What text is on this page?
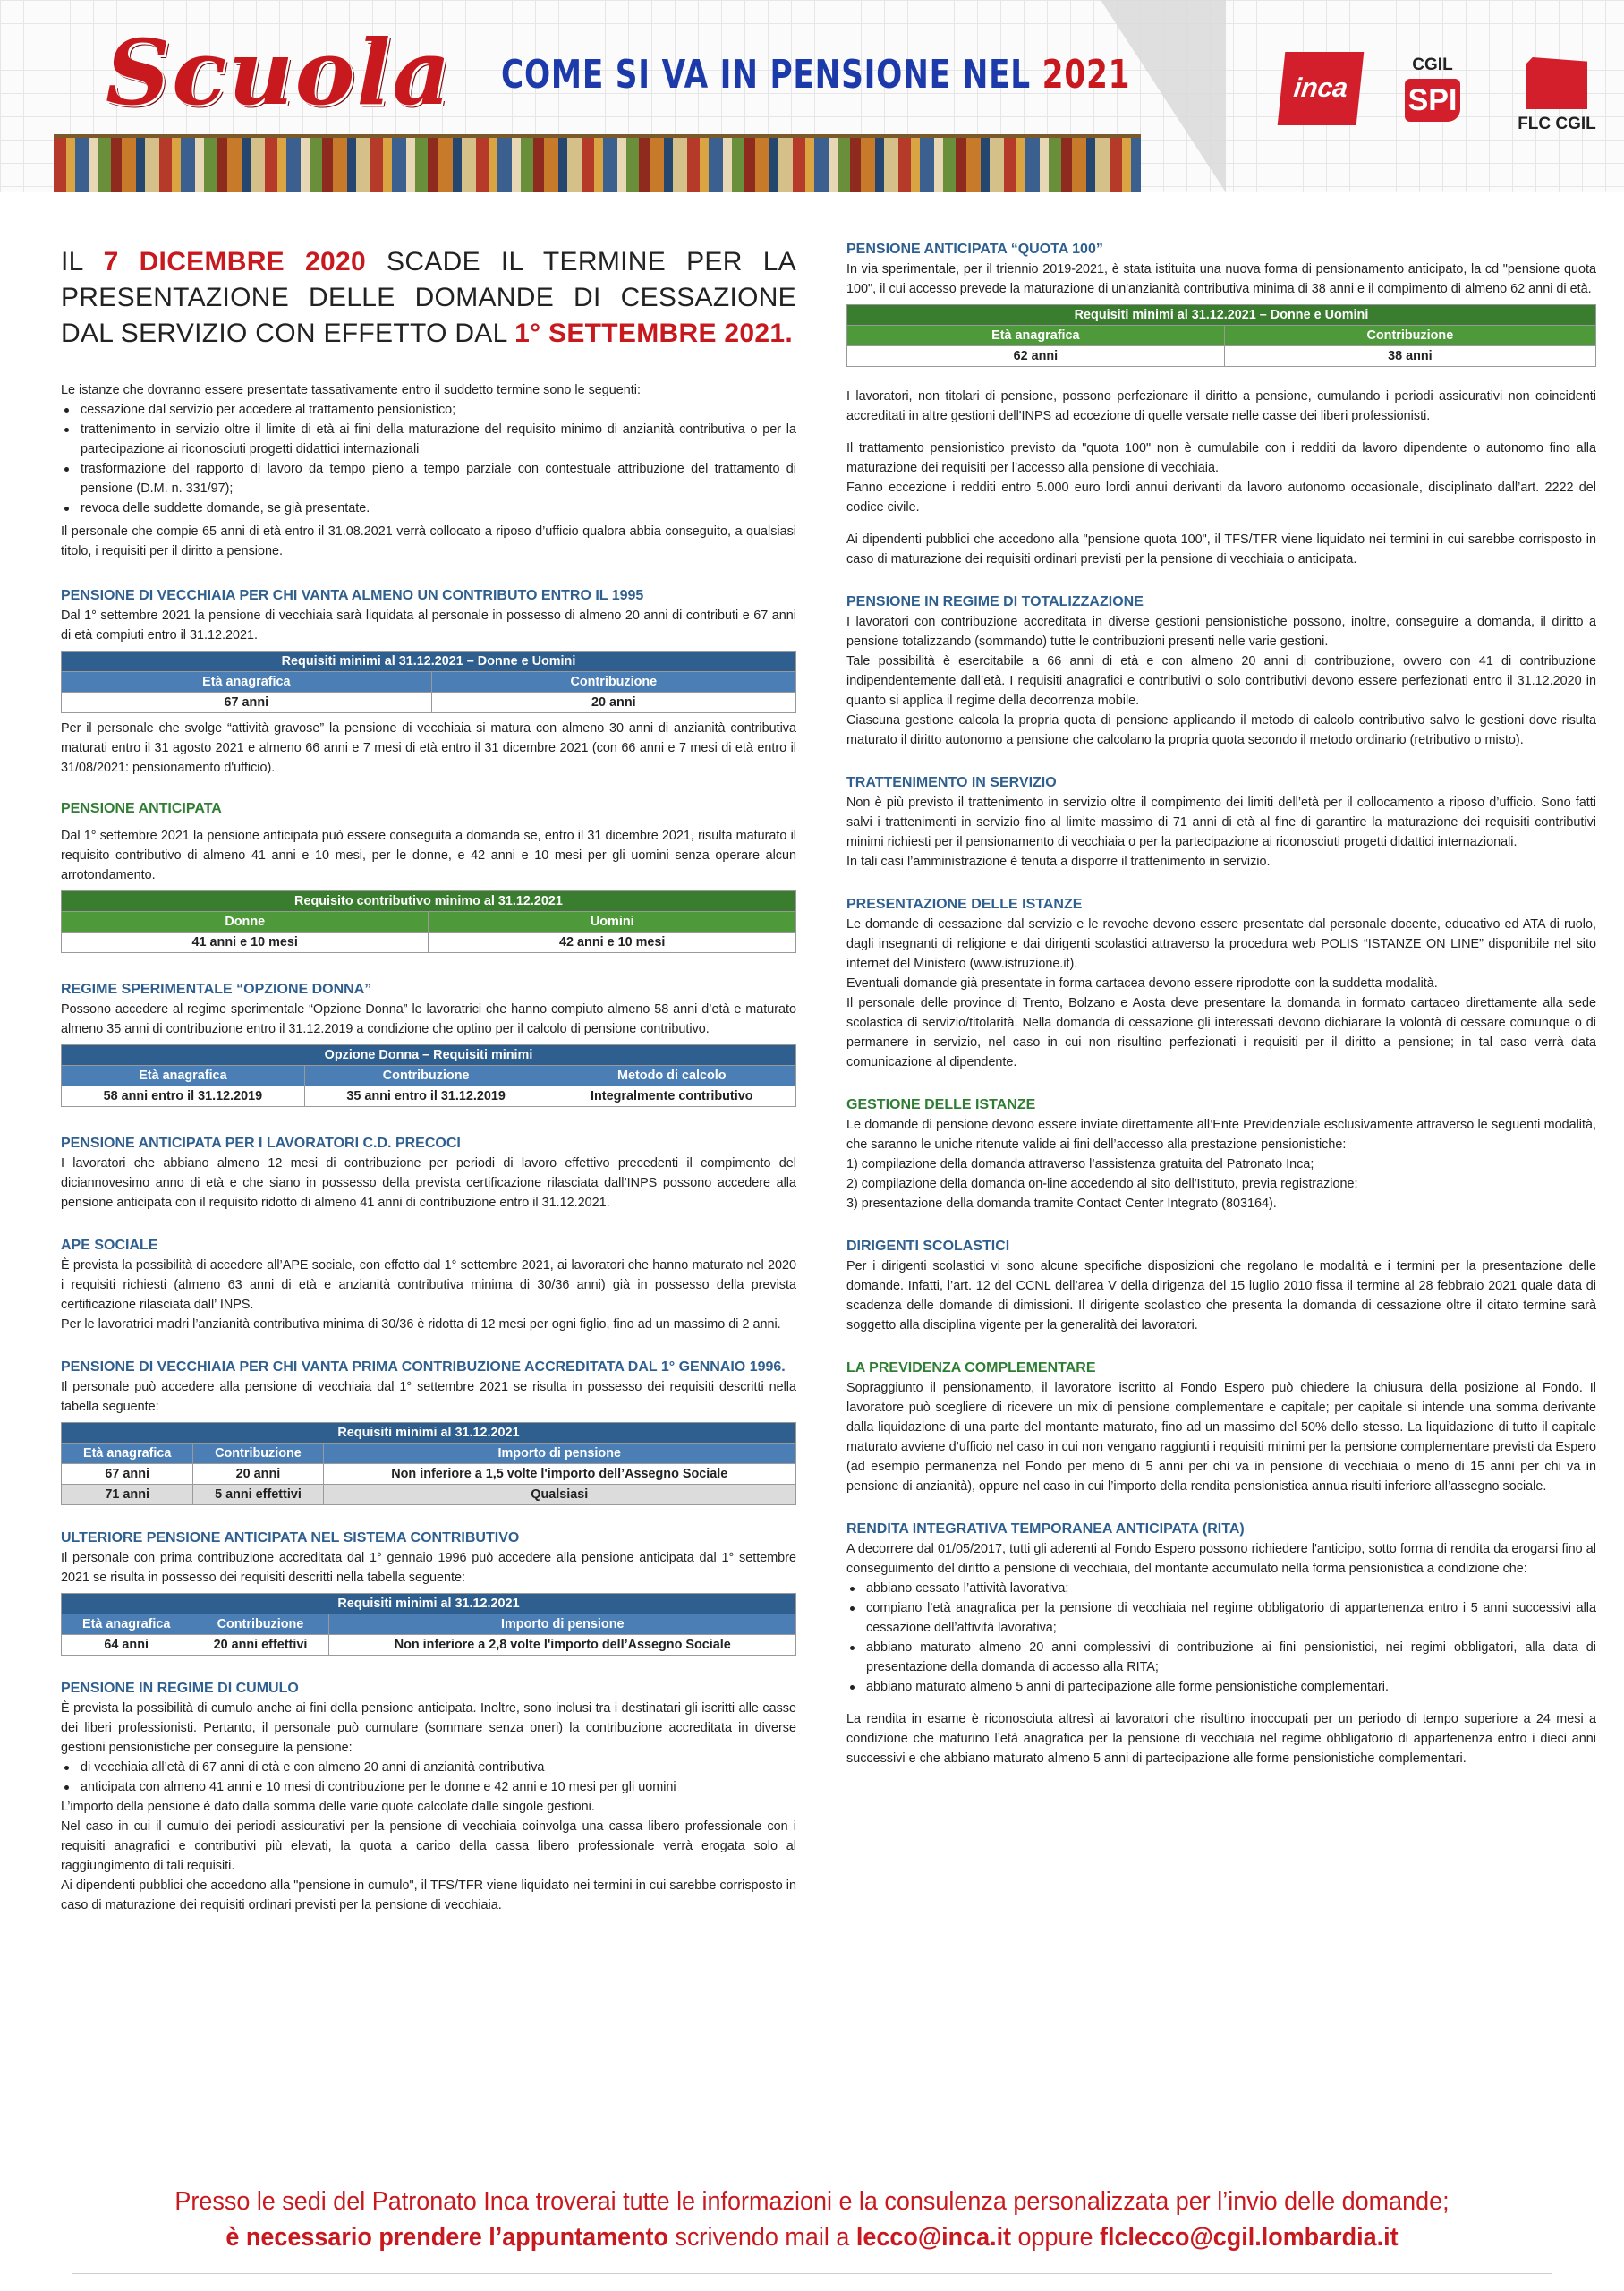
Scuola COME SI VA IN PENSIONE NEL 2021	inca
CGIL
SPI
FLC CGIL
IL 7 DICEMBRE 2020 SCADE IL TERMINE PER LA PRESENTAZIONE DELLE DOMANDE DI CESSAZIONE DAL SERVIZIO CON EFFETTO DAL 1° SETTEMBRE 2021.
Le istanze che dovranno essere presentate tassativamente entro il suddetto termine sono le seguenti:
cessazione dal servizio per accedere al trattamento pensionistico;
trattenimento in servizio oltre il limite di età ai fini della maturazione del requisito minimo di anzianità contributiva o per la partecipazione ai riconosciuti progetti didattici internazionali
trasformazione del rapporto di lavoro da tempo pieno a tempo parziale con contestuale attribuzione del trattamento di pensione (D.M. n. 331/97);
revoca delle suddette domande, se già presentate.
Il personale che compie 65 anni di età entro il 31.08.2021 verrà collocato a riposo d’ufficio qualora abbia conseguito, a qualsiasi titolo, i requisiti per il diritto a pensione.
PENSIONE DI VECCHIAIA PER CHI VANTA ALMENO UN CONTRIBUTO ENTRO IL 1995
Dal 1° settembre 2021 la pensione di vecchiaia sarà liquidata al personale in possesso di almeno 20 anni di contributi e 67 anni di età compiuti entro il 31.12.2021.
Requisiti minimi al 31.12.2021 – Donne e Uomini	
Età anagrafica	Contribuzione
67 anni	20 anni
Per il personale che svolge “attività gravose” la pensione di vecchiaia si matura con almeno 30 anni di anzianità contributiva maturati entro il 31 agosto 2021 e almeno 66 anni e 7 mesi di età entro il 31 dicembre 2021 (con 66 anni e 7 mesi di età entro il 31/08/2021: pensionamento d'ufficio).
PENSIONE ANTICIPATA
Dal 1° settembre 2021 la pensione anticipata può essere conseguita a domanda se, entro il 31 dicembre 2021, risulta maturato il requisito contributivo di almeno 41 anni e 10 mesi, per le donne, e 42 anni e 10 mesi per gli uomini senza operare alcun arrotondamento.
Requisito contributivo minimo al 31.12.2021	
Donne	Uomini
41 anni e 10 mesi	42 anni e 10 mesi
REGIME SPERIMENTALE “OPZIONE DONNA”
Possono accedere al regime sperimentale “Opzione Donna” le lavoratrici che hanno compiuto almeno 58 anni d’età e maturato almeno 35 anni di contribuzione entro il 31.12.2019 a condizione che optino per il calcolo di pensione contributivo.
Opzione Donna – Requisiti minimi		
Età anagrafica	Contribuzione	Metodo di calcolo
58 anni entro il 31.12.2019	35 anni entro il 31.12.2019	Integralmente contributivo
PENSIONE ANTICIPATA PER I LAVORATORI C.D. PRECOCI
I lavoratori che abbiano almeno 12 mesi di contribuzione per periodi di lavoro effettivo precedenti il compimento del diciannovesimo anno di età e che siano in possesso della prevista certificazione rilasciata dall’INPS possono accedere alla pensione anticipata con il requisito ridotto di almeno 41 anni di contribuzione entro il 31.12.2021.
APE SOCIALE
È prevista la possibilità di accedere all’APE sociale, con effetto dal 1° settembre 2021, ai lavoratori che hanno maturato nel 2020 i requisiti richiesti (almeno 63 anni di età e anzianità contributiva minima di 30/36 anni) già in possesso della prevista certificazione rilasciata dall’ INPS.
Per le lavoratrici madri l’anzianità contributiva minima di 30/36 è ridotta di 12 mesi per ogni figlio, fino ad un massimo di 2 anni.
PENSIONE DI VECCHIAIA PER CHI VANTA PRIMA CONTRIBUZIONE ACCREDITATA DAL 1° GENNAIO 1996.
Il personale può accedere alla pensione di vecchiaia dal 1° settembre 2021 se risulta in possesso dei requisiti descritti nella tabella seguente:
Requisiti minimi al 31.12.2021		
Età anagrafica	Contribuzione	Importo di pensione
67 anni	20 anni	Non inferiore a 1,5 volte l'importo dell’Assegno Sociale
71 anni	5 anni effettivi	Qualsiasi
ULTERIORE PENSIONE ANTICIPATA NEL SISTEMA CONTRIBUTIVO
Il personale con prima contribuzione accreditata dal 1° gennaio 1996 può accedere alla pensione anticipata dal 1° settembre 2021 se risulta in possesso dei requisiti descritti nella tabella seguente:
Requisiti minimi al 31.12.2021		
Età anagrafica	Contribuzione	Importo di pensione
64 anni	20 anni effettivi	Non inferiore a 2,8 volte l'importo dell’Assegno Sociale
PENSIONE IN REGIME DI CUMULO
È prevista la possibilità di cumulo anche ai fini della pensione anticipata. Inoltre, sono inclusi tra i destinatari gli iscritti alle casse dei liberi professionisti. Pertanto, il personale può cumulare (sommare senza oneri) la contribuzione accreditata in diverse gestioni pensionistiche per conseguire la pensione:
di vecchiaia all’età di 67 anni di età e con almeno 20 anni di anzianità contributiva
anticipata con almeno 41 anni e 10 mesi di contribuzione per le donne e 42 anni e 10 mesi per gli uomini
L’importo della pensione è dato dalla somma delle varie quote calcolate dalle singole gestioni.
Nel caso in cui il cumulo dei periodi assicurativi per la pensione di vecchiaia coinvolga una cassa libero professionale con i requisiti anagrafici e contributivi più elevati, la quota a carico della cassa libero professionale verrà erogata solo al raggiungimento di tali requisiti.
Ai dipendenti pubblici che accedono alla "pensione in cumulo", il TFS/TFR viene liquidato nei termini in cui sarebbe corrisposto in caso di maturazione dei requisiti ordinari previsti per la pensione di vecchiaia.
PENSIONE ANTICIPATA “QUOTA 100”
In via sperimentale, per il triennio 2019-2021, è stata istituita una nuova forma di pensionamento anticipato, la cd "pensione quota 100", il cui accesso prevede la maturazione di un'anzianità contributiva minima di 38 anni e il compimento di almeno 62 anni di età.
Requisiti minimi al 31.12.2021 – Donne e Uomini	
Età anagrafica	Contribuzione
62 anni	38 anni
I lavoratori, non titolari di pensione, possono perfezionare il diritto a pensione, cumulando i periodi assicurativi non coincidenti accreditati in altre gestioni dell'INPS ad eccezione di quelle versate nelle casse dei liberi professionisti.
Il trattamento pensionistico previsto da "quota 100" non è cumulabile con i redditi da lavoro dipendente o autonomo fino alla maturazione dei requisiti per l’accesso alla pensione di vecchiaia.
Fanno eccezione i redditi entro 5.000 euro lordi annui derivanti da lavoro autonomo occasionale, disciplinato dall’art. 2222 del codice civile.
Ai dipendenti pubblici che accedono alla "pensione quota 100", il TFS/TFR viene liquidato nei termini in cui sarebbe corrisposto in caso di maturazione dei requisiti ordinari previsti per la pensione di vecchiaia o anticipata.
PENSIONE IN REGIME DI TOTALIZZAZIONE
I lavoratori con contribuzione accreditata in diverse gestioni pensionistiche possono, inoltre, conseguire a domanda, il diritto a pensione totalizzando (sommando) tutte le contribuzioni presenti nelle varie gestioni.
Tale possibilità è esercitabile a 66 anni di età e con almeno 20 anni di contribuzione, ovvero con 41 di contribuzione indipendentemente dall’età. I requisiti anagrafici e contributivi o solo contributivi devono essere perfezionati entro il 31.12.2020 in quanto si applica il regime della decorrenza mobile.
Ciascuna gestione calcola la propria quota di pensione applicando il metodo di calcolo contributivo salvo le gestioni dove risulta maturato il diritto autonomo a pensione che calcolano la propria quota secondo il metodo ordinario (retributivo o misto).
TRATTENIMENTO IN SERVIZIO
Non è più previsto il trattenimento in servizio oltre il compimento dei limiti dell’età per il collocamento a riposo d’ufficio. Sono fatti salvi i trattenimenti in servizio fino al limite massimo di 71 anni di età al fine di garantire la maturazione dei requisiti contributivi minimi richiesti per il pensionamento di vecchiaia o per la partecipazione ai riconosciuti progetti didattici internazionali.
In tali casi l’amministrazione è tenuta a disporre il trattenimento in servizio.
PRESENTAZIONE DELLE ISTANZE
Le domande di cessazione dal servizio e le revoche devono essere presentate dal personale docente, educativo ed ATA di ruolo, dagli insegnanti di religione e dai dirigenti scolastici attraverso la procedura web POLIS “ISTANZE ON LINE” disponibile nel sito internet del Ministero (www.istruzione.it).
Eventuali domande già presentate in forma cartacea devono essere riprodotte con la suddetta modalità.
Il personale delle province di Trento, Bolzano e Aosta deve presentare la domanda in formato cartaceo direttamente alla sede scolastica di servizio/titolarità. Nella domanda di cessazione gli interessati devono dichiarare la volontà di cessare comunque o di permanere in servizio, nel caso in cui non risultino perfezionati i requisiti per il diritto a pensione; in tal caso verrà data comunicazione al dipendente.
GESTIONE DELLE ISTANZE
Le domande di pensione devono essere inviate direttamente all’Ente Previdenziale esclusivamente attraverso le seguenti modalità, che saranno le uniche ritenute valide ai fini dell’accesso alla prestazione pensionistiche:
1) compilazione della domanda attraverso l’assistenza gratuita del Patronato Inca;
2) compilazione della domanda on-line accedendo al sito dell'Istituto, previa registrazione;
3) presentazione della domanda tramite Contact Center Integrato (803164).
DIRIGENTI SCOLASTICI
Per i dirigenti scolastici vi sono alcune specifiche disposizioni che regolano le modalità e i termini per la presentazione delle domande. Infatti, l’art. 12 del CCNL dell’area V della dirigenza del 15 luglio 2010 fissa il termine al 28 febbraio 2021 quale data di scadenza delle domande di dimissioni. Il dirigente scolastico che presenta la domanda di cessazione oltre il citato termine sarà soggetto alla disciplina vigente per la generalità dei lavoratori.
LA PREVIDENZA COMPLEMENTARE
Sopraggiunto il pensionamento, il lavoratore iscritto al Fondo Espero può chiedere la chiusura della posizione al Fondo. Il lavoratore può scegliere di ricevere un mix di pensione complementare e capitale; per capitale si intende una somma derivante dalla liquidazione di una parte del montante maturato, fino ad un massimo del 50% dello stesso. La liquidazione di tutto il capitale maturato avviene d’ufficio nel caso in cui non vengano raggiunti i requisiti minimi per la pensione complementare previsti da Espero (ad esempio permanenza nel Fondo per meno di 5 anni per chi va in pensione di vecchiaia o meno di 15 anni per chi va in pensione di anzianità), oppure nel caso in cui l’importo della rendita pensionistica annua risulti inferiore all’assegno sociale.
RENDITA INTEGRATIVA TEMPORANEA ANTICIPATA (RITA)
A decorrere dal 01/05/2017, tutti gli aderenti al Fondo Espero possono richiedere l'anticipo, sotto forma di rendita da erogarsi fino al conseguimento del diritto a pensione di vecchiaia, del montante accumulato nella forma pensionistica a condizione che:
abbiano cessato l’attività lavorativa;
compiano l’età anagrafica per la pensione di vecchiaia nel regime obbligatorio di appartenenza entro i 5 anni successivi alla cessazione dell’attività lavorativa;
abbiano maturato almeno 20 anni complessivi di contribuzione ai fini pensionistici, nei regimi obbligatori, alla data di presentazione della domanda di accesso alla RITA;
abbiano maturato almeno 5 anni di partecipazione alle forme pensionistiche complementari.
La rendita in esame è riconosciuta altresì ai lavoratori che risultino inoccupati per un periodo di tempo superiore a 24 mesi a condizione che maturino l’età anagrafica per la pensione di vecchiaia nel regime obbligatorio di appartenenza entro i dieci anni successivi e che abbiano maturato almeno 5 anni di partecipazione alle forme pensionistiche complementari.
Presso le sedi del Patronato Inca troverai tutte le informazioni e la consulenza personalizzata per l’invio delle domande;
è necessario prendere l’appuntamento scrivendo mail a lecco@inca.it oppure flclecco@cgil.lombardia.it
